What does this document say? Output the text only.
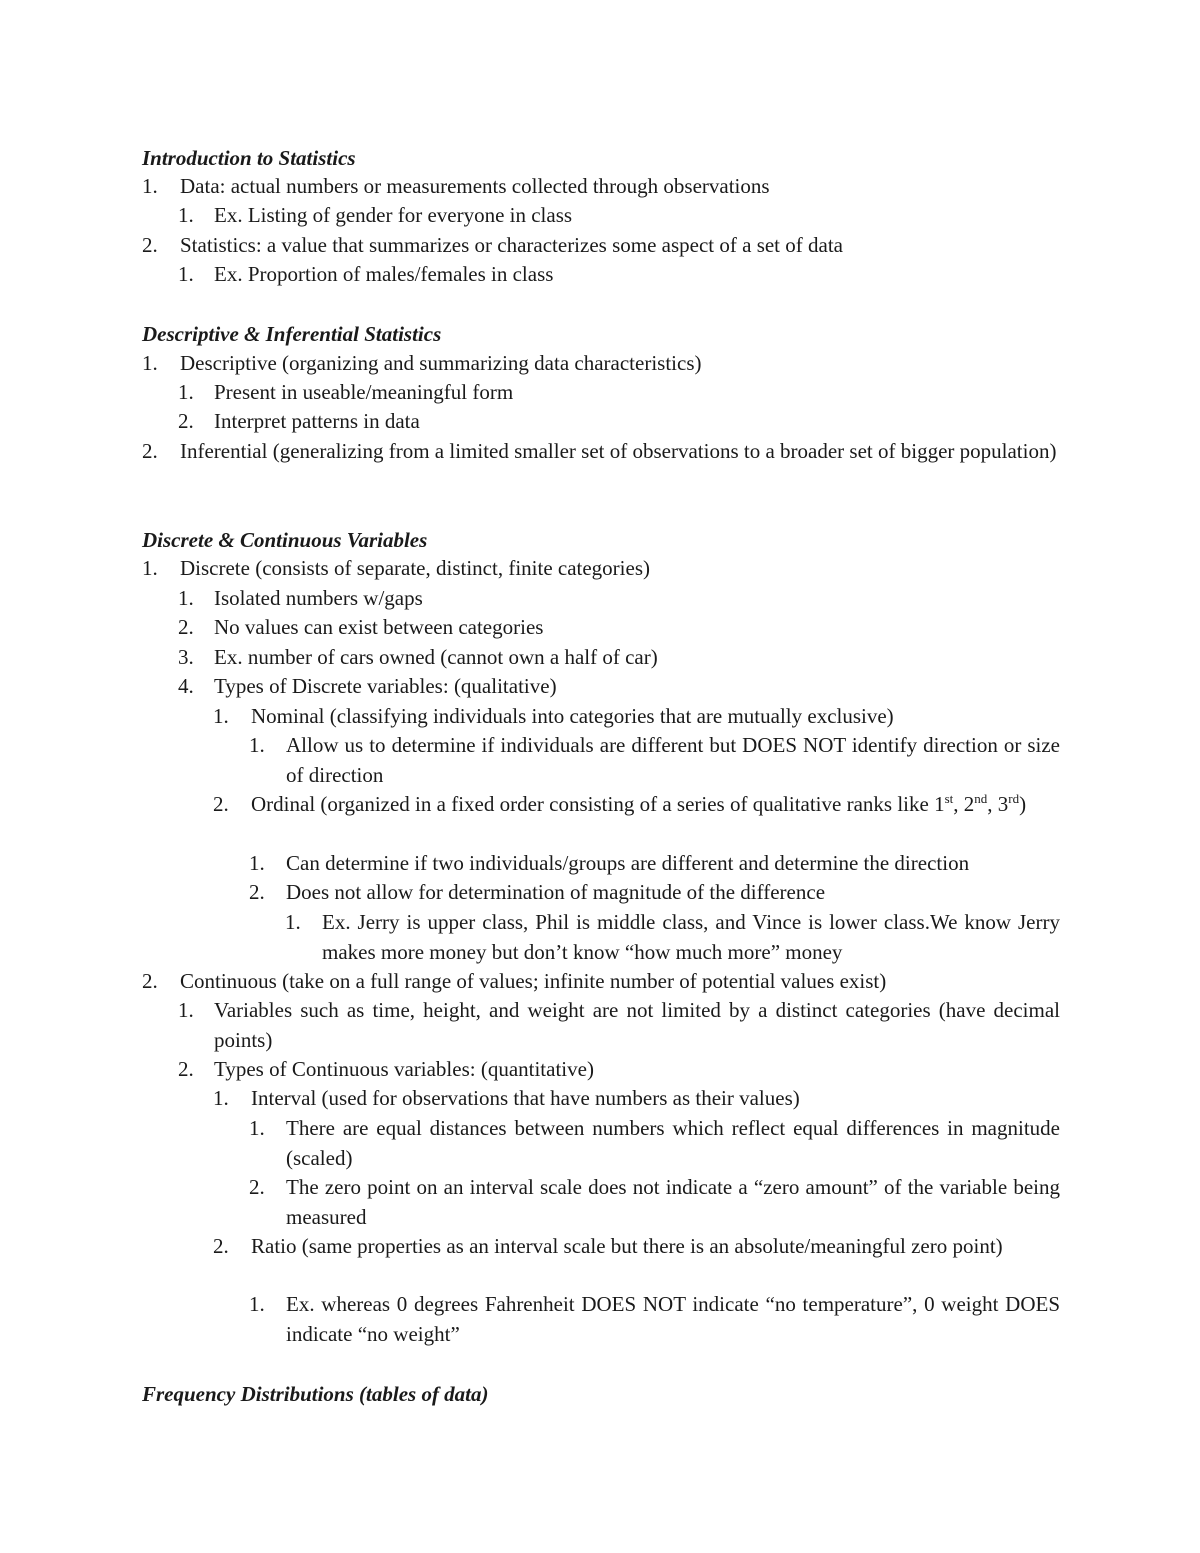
Introduction to Statistics
1. Data: actual numbers or measurements collected through observations
1. Ex. Listing of gender for everyone in class
2. Statistics: a value that summarizes or characterizes some aspect of a set of data
1. Ex. Proportion of males/females in class
Descriptive & Inferential Statistics
1. Descriptive (organizing and summarizing data characteristics)
1. Present in useable/meaningful form
2. Interpret patterns in data
2. Inferential (generalizing from a limited smaller set of observations to a broader set of bigger population)
Discrete & Continuous Variables
1. Discrete (consists of separate, distinct, finite categories)
1. Isolated numbers w/gaps
2. No values can exist between categories
3. Ex. number of cars owned (cannot own a half of car)
4. Types of Discrete variables: (qualitative)
1. Nominal (classifying individuals into categories that are mutually exclusive)
1. Allow us to determine if individuals are different but DOES NOT identify direction or size of direction
2. Ordinal (organized in a fixed order consisting of a series of qualitative ranks like 1st, 2nd, 3rd)
1. Can determine if two individuals/groups are different and determine the direction
2. Does not allow for determination of magnitude of the difference
1. Ex. Jerry is upper class, Phil is middle class, and Vince is lower class.We know Jerry makes more money but don’t know “how much more” money
2. Continuous (take on a full range of values; infinite number of potential values exist)
1. Variables such as time, height, and weight are not limited by a distinct categories (have decimal points)
2. Types of Continuous variables: (quantitative)
1. Interval (used for observations that have numbers as their values)
1. There are equal distances between numbers which reflect equal differences in magnitude (scaled)
2. The zero point on an interval scale does not indicate a “zero amount” of the variable being measured
2. Ratio (same properties as an interval scale but there is an absolute/meaningful zero point)
1. Ex. whereas 0 degrees Fahrenheit DOES NOT indicate “no temperature”, 0 weight DOES indicate “no weight”
Frequency Distributions (tables of data)
